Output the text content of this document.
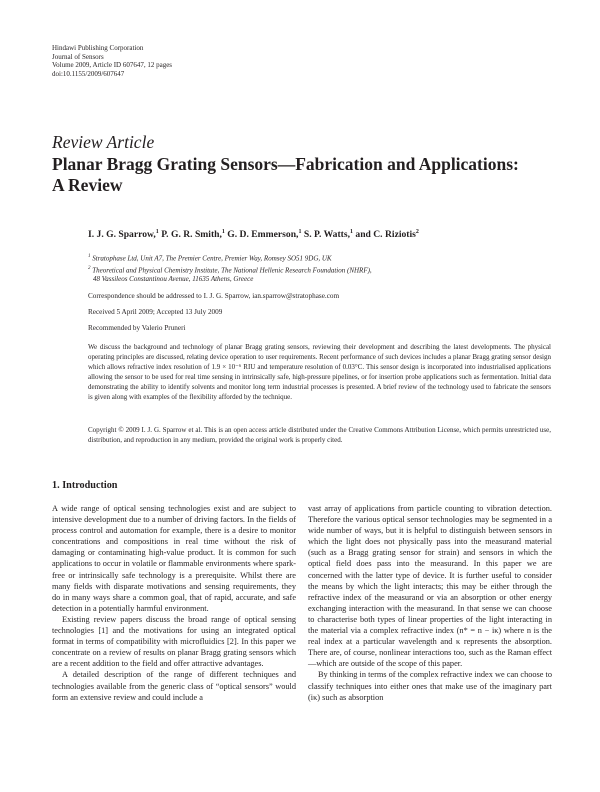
Hindawi Publishing Corporation
Journal of Sensors
Volume 2009, Article ID 607647, 12 pages
doi:10.1155/2009/607647
Review Article
Planar Bragg Grating Sensors—Fabrication and Applications: A Review
I. J. G. Sparrow,$^1$ P. G. R. Smith,$^1$ G. D. Emmerson,$^1$ S. P. Watts,$^1$ and C. Riziotis$^2$
$^1$ Stratophase Ltd, Unit A7, The Premier Centre, Premier Way, Romsey SO51 9DG, UK
$^2$ Theoretical and Physical Chemistry Institute, The National Hellenic Research Foundation (NHRF),
48 Vassileos Constantinou Avenue, 11635 Athens, Greece
Correspondence should be addressed to I. J. G. Sparrow, ian.sparrow@stratophase.com
Received 5 April 2009; Accepted 13 July 2009
Recommended by Valerio Pruneri
We discuss the background and technology of planar Bragg grating sensors, reviewing their development and describing the latest developments. The physical operating principles are discussed, relating device operation to user requirements. Recent performance of such devices includes a planar Bragg grating sensor design which allows refractive index resolution of 1.9 × 10⁻⁶ RIU and temperature resolution of 0.03°C. This sensor design is incorporated into industrialised applications allowing the sensor to be used for real time sensing in intrinsically safe, high-pressure pipelines, or for insertion probe applications such as fermentation. Initial data demonstrating the ability to identify solvents and monitor long term industrial processes is presented. A brief review of the technology used to fabricate the sensors is given along with examples of the flexibility afforded by the technique.
Copyright © 2009 I. J. G. Sparrow et al. This is an open access article distributed under the Creative Commons Attribution License, which permits unrestricted use, distribution, and reproduction in any medium, provided the original work is properly cited.
1. Introduction

A wide range of optical sensing technologies exist and are subject to intensive development due to a number of driving factors. In the fields of process control and automation for example, there is a desire to monitor concentrations and compositions in real time without the risk of damaging or contaminating high-value product. It is common for such applications to occur in volatile or flammable environments where spark-free or intrinsically safe technology is a prerequisite. Whilst there are many fields with disparate motivations and sensing requirements, they do in many ways share a common goal, that of rapid, accurate, and safe detection in a potentially harmful environment.

Existing review papers discuss the broad range of optical sensing technologies [1] and the motivations for using an integrated optical format in terms of compatibility with microfluidics [2]. In this paper we concentrate on a review of results on planar Bragg grating sensors which are a recent addition to the field and offer attractive advantages.

A detailed description of the range of different techniques and technologies available from the generic class of “optical sensors” would form an extensive review and could include a

vast array of applications from particle counting to vibration detection. Therefore the various optical sensor technologies may be segmented in a wide number of ways, but it is helpful to distinguish between sensors in which the light does not physically pass into the measurand material (such as a Bragg grating sensor for strain) and sensors in which the optical field does pass into the measurand. In this paper we are concerned with the latter type of device. It is further useful to consider the means by which the light interacts; this may be either through the refractive index of the measurand or via an absorption or other energy exchanging interaction with the measurand. In that sense we can choose to characterise both types of linear properties of the light interacting in the material via a complex refractive index (n* = n − iκ) where n is the real index at a particular wavelength and κ represents the absorption. There are, of course, nonlinear interactions too, such as the Raman effect—which are outside of the scope of this paper.

By thinking in terms of the complex refractive index we can choose to classify techniques into either ones that make use of the imaginary part (iκ) such as absorption
